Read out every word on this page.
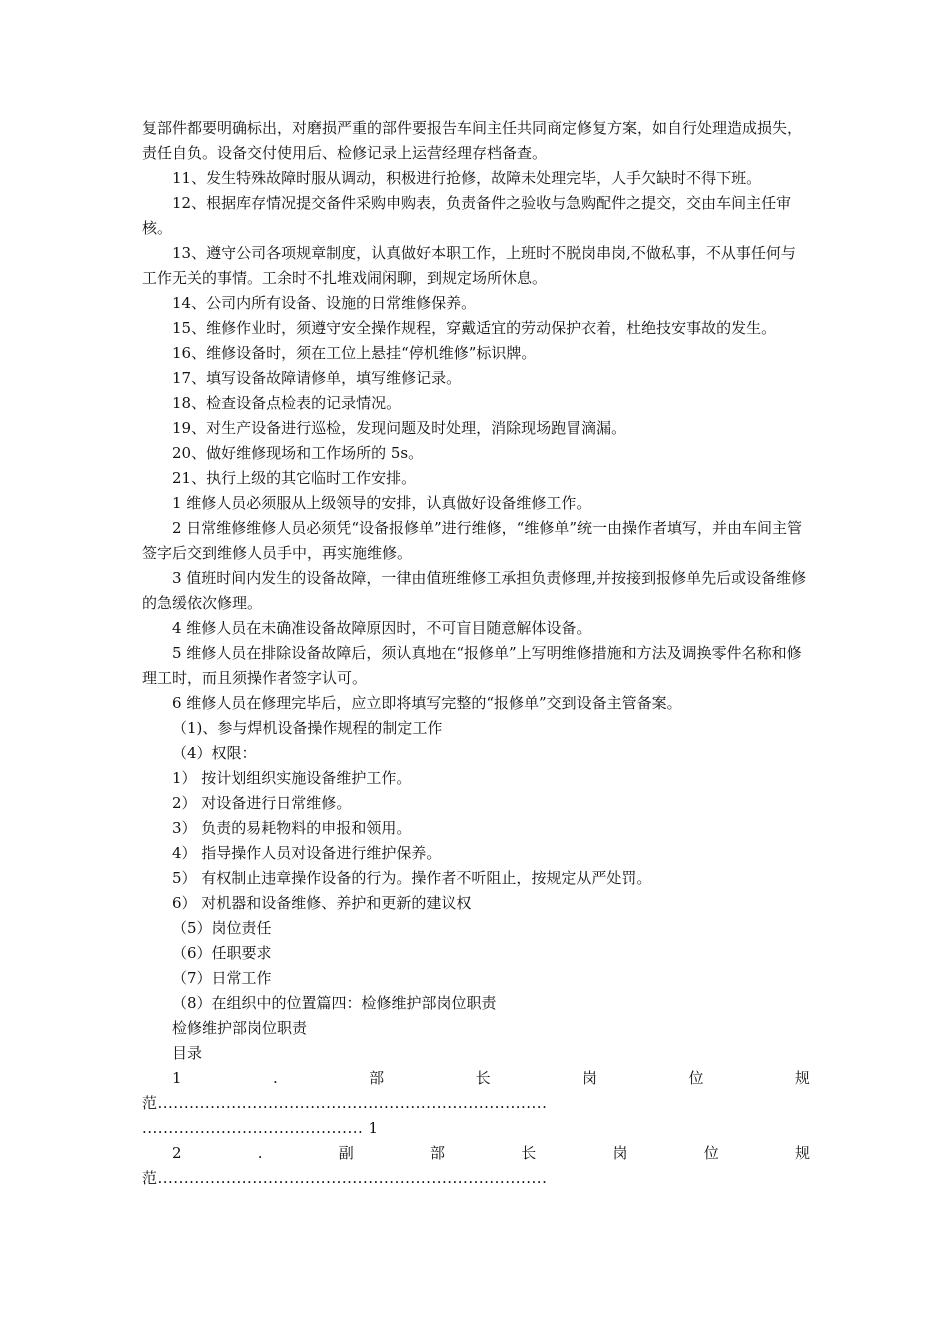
复部件都要明确标出，对磨损严重的部件要报告车间主任共同商定修复方案，如自行处理造成损失，责任自负。设备交付使用后、检修记录上运营经理存档备查。

11、发生特殊故障时服从调动，积极进行抢修，故障未处理完毕，人手欠缺时不得下班。

12、根据库存情况提交备件采购申购表，负责备件之验收与急购配件之提交，交由车间主任审核。

13、遵守公司各项规章制度，认真做好本职工作，上班时不脱岗串岗,不做私事，不从事任何与工作无关的事情。工余时不扎堆戏闹闲聊，到规定场所休息。

14、公司内所有设备、设施的日常维修保养。

15、维修作业时，须遵守安全操作规程，穿戴适宜的劳动保护衣着，杜绝技安事故的发生。

16、维修设备时，须在工位上悬挂“停机维修”标识牌。

17、填写设备故障请修单，填写维修记录。

18、检查设备点检表的记录情况。

19、对生产设备进行巡检，发现问题及时处理，消除现场跑冒滴漏。

20、做好维修现场和工作场所的 5s。

21、执行上级的其它临时工作安排。

1 维修人员必须服从上级领导的安排，认真做好设备维修工作。

2 日常维修维修人员必须凭“设备报修单”进行维修，“维修单”统一由操作者填写，并由车间主管签字后交到维修人员手中，再实施维修。

3 值班时间内发生的设备故障，一律由值班维修工承担负责修理,并按接到报修单先后或设备维修的急缓依次修理。

4 维修人员在未确准设备故障原因时，不可盲目随意解体设备。

5 维修人员在排除设备故障后，须认真地在“报修单”上写明维修措施和方法及调换零件名称和修理工时，而且须操作者签字认可。

6 维修人员在修理完毕后，应立即将填写完整的“报修单”交到设备主管备案。

（1)、参与焊机设备操作规程的制定工作

（4）权限：

1） 按计划组织实施设备维护工作。

2） 对设备进行日常维修。

3） 负责的易耗物料的申报和领用。

4） 指导操作人员对设备进行维护保养。

5） 有权制止违章操作设备的行为。操作者不听阻止，按规定从严处罚。

6） 对机器和设备维修、养护和更新的建议权

（5）岗位责任

（6）任职要求

（7）日常工作

（8）在组织中的位置篇四：检修维护部岗位职责

检修维护部岗位职责

目录

1	.	部	长	岗	位	规

范..........................................................................

.......................................... 1

2	.	副	部	长	岗	位	规

范..........................................................................
